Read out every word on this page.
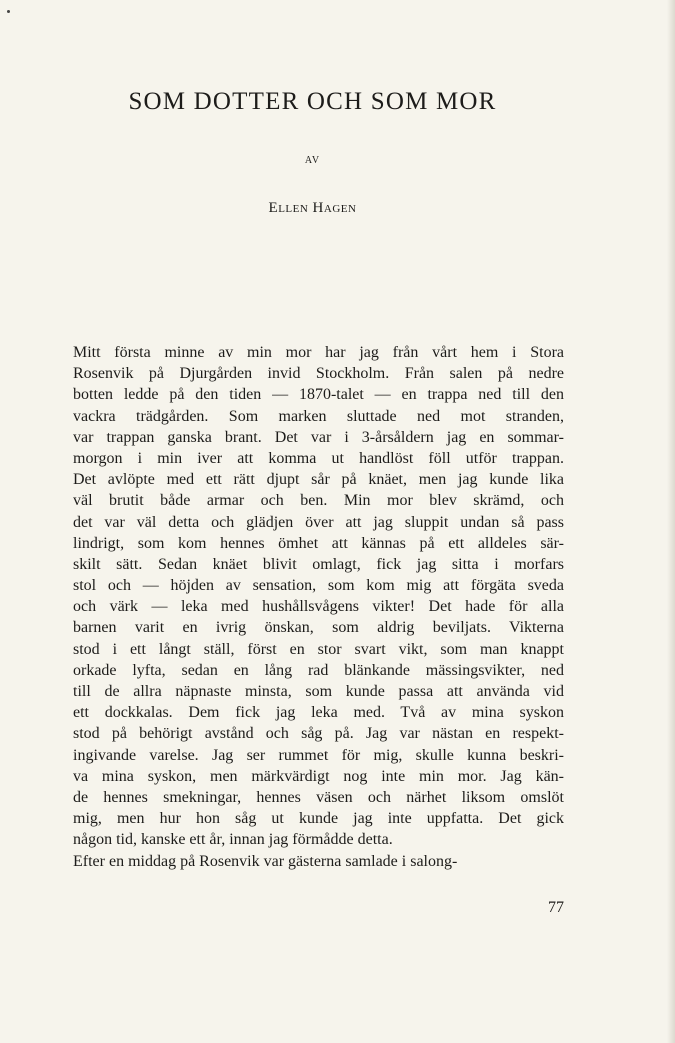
SOM DOTTER OCH SOM MOR
AV
Ellen Hagen
Mitt första minne av min mor har jag från vårt hem i Stora
Rosenvik på Djurgården invid Stockholm. Från salen på nedre
botten ledde på den tiden — 1870-talet — en trappa ned till den
vackra trädgården. Som marken sluttade ned mot stranden,
var trappan ganska brant. Det var i 3-årsåldern jag en sommar-
morgon i min iver att komma ut handlöst föll utför trappan.
Det avlöpte med ett rätt djupt sår på knäet, men jag kunde lika
väl brutit både armar och ben. Min mor blev skrämd, och
det var väl detta och glädjen över att jag sluppit undan så pass
lindrigt, som kom hennes ömhet att kännas på ett alldeles sär-
skilt sätt. Sedan knäet blivit omlagt, fick jag sitta i morfars
stol och — höjden av sensation, som kom mig att förgäta sveda
och värk — leka med hushållsvågens vikter! Det hade för alla
barnen varit en ivrig önskan, som aldrig beviljats. Vikterna
stod i ett långt ställ, först en stor svart vikt, som man knappt
orkade lyfta, sedan en lång rad blänkande mässingsvikter, ned
till de allra näpnaste minsta, som kunde passa att använda vid
ett dockkalas. Dem fick jag leka med. Två av mina syskon
stod på behörigt avstånd och såg på. Jag var nästan en respekt-
ingivande varelse. Jag ser rummet för mig, skulle kunna beskri-
va mina syskon, men märkvärdigt nog inte min mor. Jag kän-
de hennes smekningar, hennes väsen och närhet liksom omslöt
mig, men hur hon såg ut kunde jag inte uppfatta. Det gick
någon tid, kanske ett år, innan jag förmådde detta.
Efter en middag på Rosenvik var gästerna samlade i salong-
77
